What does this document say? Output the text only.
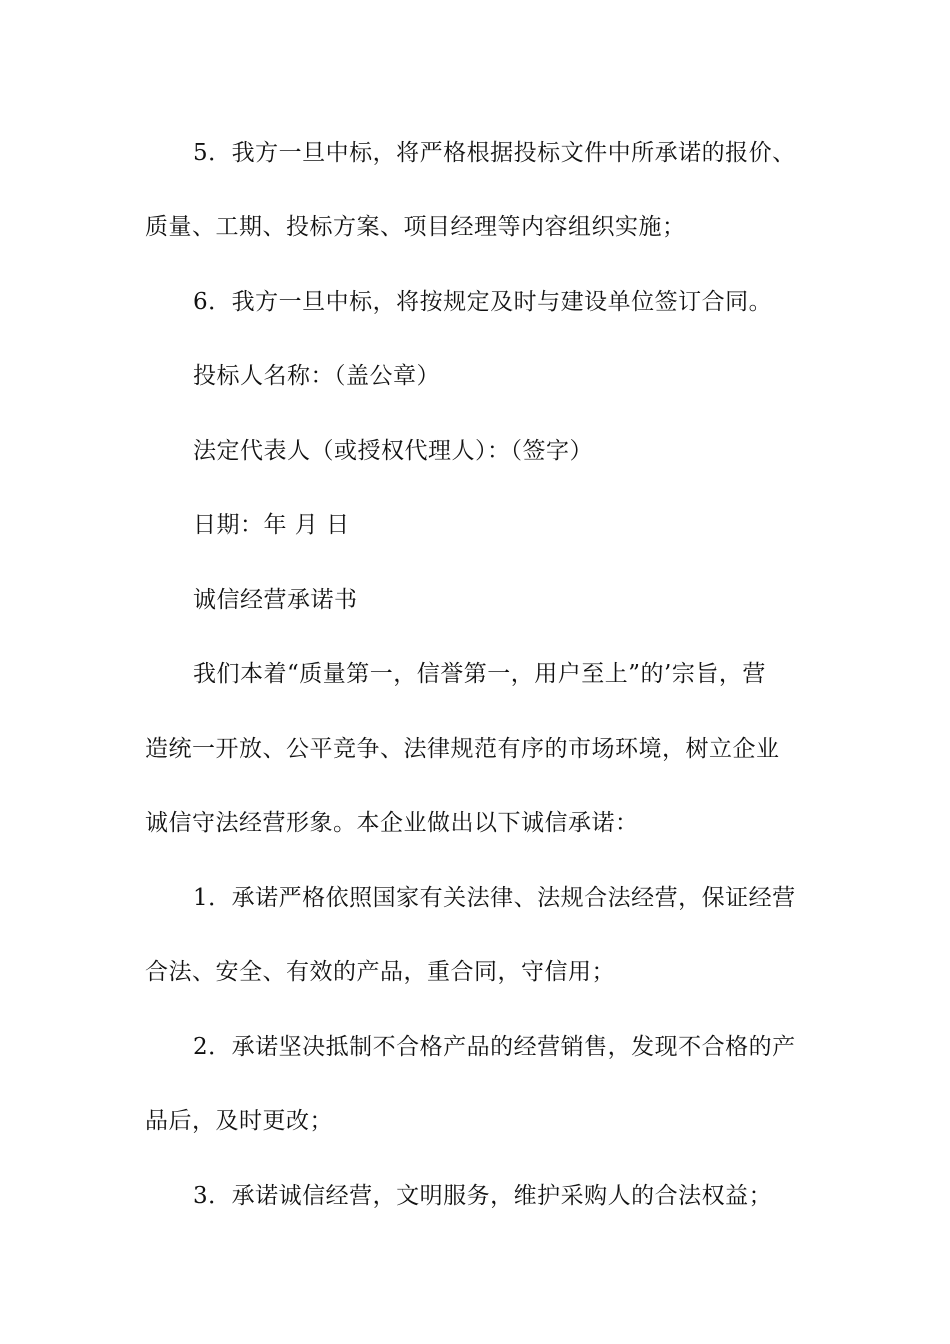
5．我方一旦中标，将严格根据投标文件中所承诺的报价、
质量、工期、投标方案、项目经理等内容组织实施；
6．我方一旦中标，将按规定及时与建设单位签订合同。
投标人名称：（盖公章）
法定代表人（或授权代理人）：（签字）
日期：年 月 日
诚信经营承诺书
我们本着“质量第一，信誉第一，用户至上”的’宗旨，营
造统一开放、公平竞争、法律规范有序的市场环境，树立企业
诚信守法经营形象。本企业做出以下诚信承诺：
1．承诺严格依照国家有关法律、法规合法经营，保证经营
合法、安全、有效的产品，重合同，守信用；
2．承诺坚决抵制不合格产品的经营销售，发现不合格的产
品后，及时更改；
3．承诺诚信经营，文明服务，维护采购人的合法权益；
